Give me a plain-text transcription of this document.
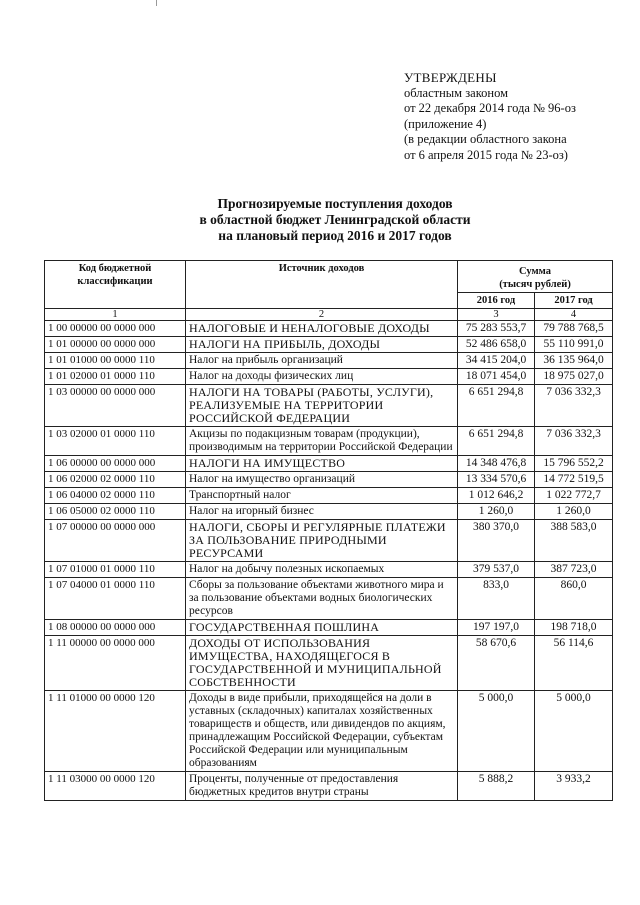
УТВЕРЖДЕНЫ
областным законом
от 22 декабря 2014 года № 96-оз
(приложение 4)
(в редакции областного закона
от 6 апреля 2015 года № 23-оз)
Прогнозируемые поступления доходов
в областной бюджет Ленинградской области
на плановый период 2016 и 2017 годов
Код бюджетной классификации	Источник доходов	Сумма
(тысяч рублей)	

		2016 год	2017 год
1	2	3	4
1 00 00000 00 0000 000	НАЛОГОВЫЕ И НЕНАЛОГОВЫЕ ДОХОДЫ	75 283 553,7	79 788 768,5
1 01 00000 00 0000 000	НАЛОГИ НА ПРИБЫЛЬ, ДОХОДЫ	52 486 658,0	55 110 991,0
1 01 01000 00 0000 110	Налог на прибыль организаций	34 415 204,0	36 135 964,0
1 01 02000 01 0000 110	Налог на доходы физических лиц	18 071 454,0	18 975 027,0
1 03 00000 00 0000 000	НАЛОГИ НА ТОВАРЫ (РАБОТЫ, УСЛУГИ), РЕАЛИЗУЕМЫЕ НА ТЕРРИТОРИИ РОССИЙСКОЙ ФЕДЕРАЦИИ	6 651 294,8	7 036 332,3
1 03 02000 01 0000 110	Акцизы по подакцизным товарам (продукции), производимым на территории Российской Федерации	6 651 294,8	7 036 332,3
1 06 00000 00 0000 000	НАЛОГИ НА ИМУЩЕСТВО	14 348 476,8	15 796 552,2
1 06 02000 02 0000 110	Налог на имущество организаций	13 334 570,6	14 772 519,5
1 06 04000 02 0000 110	Транспортный налог	1 012 646,2	1 022 772,7
1 06 05000 02 0000 110	Налог на игорный бизнес	1 260,0	1 260,0
1 07 00000 00 0000 000	НАЛОГИ, СБОРЫ И РЕГУЛЯРНЫЕ ПЛАТЕЖИ ЗА ПОЛЬЗОВАНИЕ ПРИРОДНЫМИ РЕСУРСАМИ	380 370,0	388 583,0
1 07 01000 01 0000 110	Налог на добычу полезных ископаемых	379 537,0	387 723,0
1 07 04000 01 0000 110	Сборы за пользование объектами животного мира и за пользование объектами водных биологических ресурсов	833,0	860,0
1 08 00000 00 0000 000	ГОСУДАРСТВЕННАЯ ПОШЛИНА	197 197,0	198 718,0
1 11 00000 00 0000 000	ДОХОДЫ ОТ ИСПОЛЬЗОВАНИЯ ИМУЩЕСТВА, НАХОДЯЩЕГОСЯ В ГОСУДАРСТВЕННОЙ И МУНИЦИПАЛЬНОЙ СОБСТВЕННОСТИ	58 670,6	56 114,6
1 11 01000 00 0000 120	Доходы в виде прибыли, приходящейся на доли в уставных (складочных) капиталах хозяйственных товариществ и обществ, или дивидендов по акциям, принадлежащим Российской Федерации, субъектам Российской Федерации или муниципальным образованиям	5 000,0	5 000,0
1 11 03000 00 0000 120	Проценты, полученные от предоставления бюджетных кредитов внутри страны	5 888,2	3 933,2
